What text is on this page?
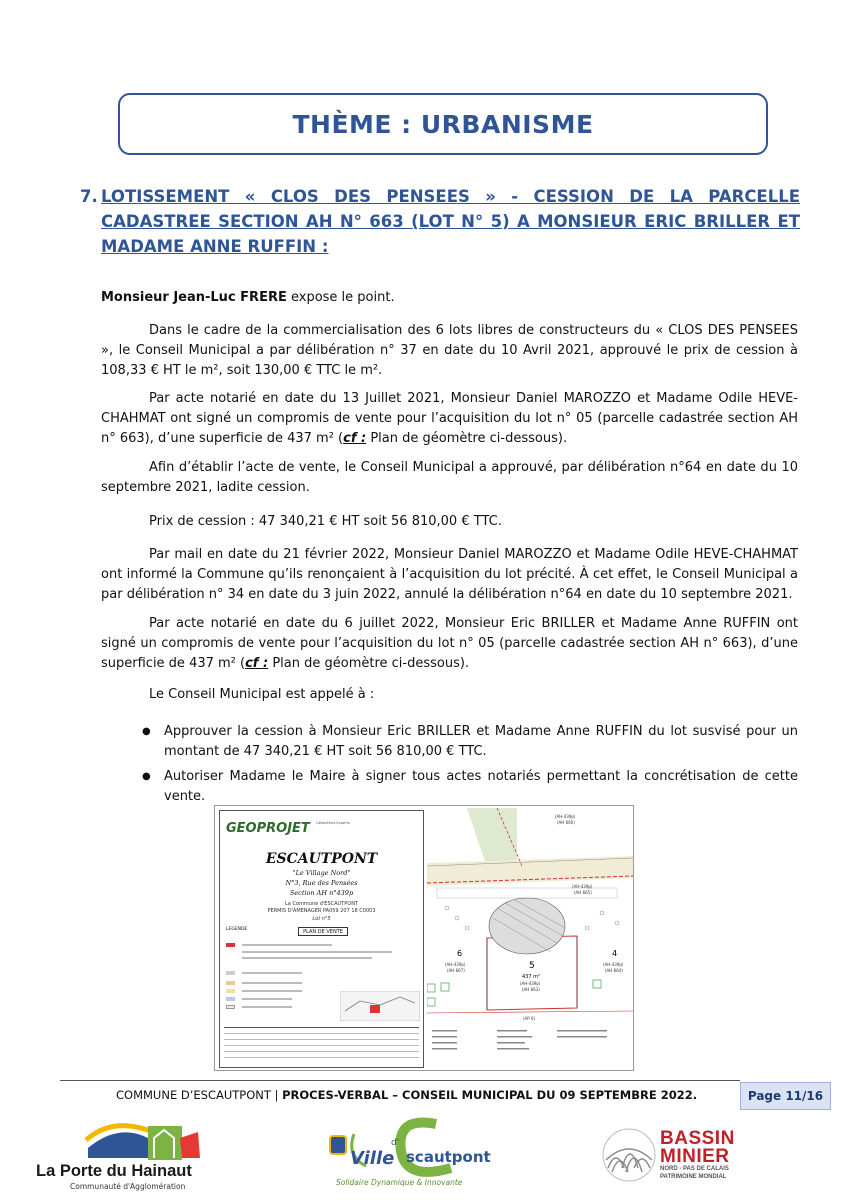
THÈME : URBANISME
7. LOTISSEMENT « CLOS DES PENSEES » - CESSION DE LA PARCELLE CADASTREE SECTION AH N° 663 (LOT N° 5) A MONSIEUR ERIC BRILLER ET MADAME ANNE RUFFIN :
Monsieur Jean-Luc FRERE expose le point.

Dans le cadre de la commercialisation des 6 lots libres de constructeurs du « CLOS DES PENSEES », le Conseil Municipal a par délibération n° 37 en date du 10 Avril 2021, approuvé le prix de cession à 108,33 € HT le m², soit 130,00 € TTC le m².

Par acte notarié en date du 13 Juillet 2021, Monsieur Daniel MAROZZO et Madame Odile HEVE-CHAHMAT ont signé un compromis de vente pour l’acquisition du lot n° 05 (parcelle cadastrée section AH n° 663), d’une superficie de 437 m² (cf : Plan de géomètre ci-dessous).

Afin d’établir l’acte de vente, le Conseil Municipal a approuvé, par délibération n°64 en date du 10 septembre 2021, ladite cession.

Prix de cession : 47 340,21 € HT soit 56 810,00 € TTC.

Par mail en date du 21 février 2022, Monsieur Daniel MAROZZO et Madame Odile HEVE-CHAHMAT ont informé la Commune qu’ils renonçaient à l’acquisition du lot précité. À cet effet, le Conseil Municipal a par délibération n° 34 en date du 3 juin 2022, annulé la délibération n°64 en date du 10 septembre 2021.

Par acte notarié en date du 6 juillet 2022, Monsieur Eric BRILLER et Madame Anne RUFFIN ont signé un compromis de vente pour l’acquisition du lot n° 05 (parcelle cadastrée section AH n° 663), d’une superficie de 437 m² (cf : Plan de géomètre ci-dessous).

Le Conseil Municipal est appelé à :

● Approuver la cession à Monsieur Eric BRILLER et Madame Anne RUFFIN du lot susvisé pour un montant de 47 340,21 € HT soit 56 810,00 € TTC.
● Autoriser Madame le Maire à signer tous actes notariés permettant la concrétisation de cette vente.
GEOPROJET Géomètres-Experts
ESCAUTPONT
"Le Village Nord"
N°3, Rue des Pensées
Section AH n°439p
La Commune d'ESCAUTPONT
PERMIS D'AMENAGER PA059 207 18 C0003
Lot n°5
LEGENDE	PLAN DE VENTE
6
(AH-439p)
(AH 667)	5
437 m²
(AH-439p)
(AH 663)
4
(AH-439p)
(AH 664)
(AH-439p)
(AH 660)
(AH-439p)
(AH 665)
(AP 6)
COMMUNE D’ESCAUTPONT | PROCES-VERBAL – CONSEIL MUNICIPAL DU 09 SEPTEMBRE 2022.	Page 11/16
La Porte du Hainaut
Communauté d'Agglomération
Ville
d'
scautpont
Solidaire Dynamique & Innovante
BASSIN
MINIER
NORD - PAS DE CALAIS
PATRIMOINE MONDIAL
